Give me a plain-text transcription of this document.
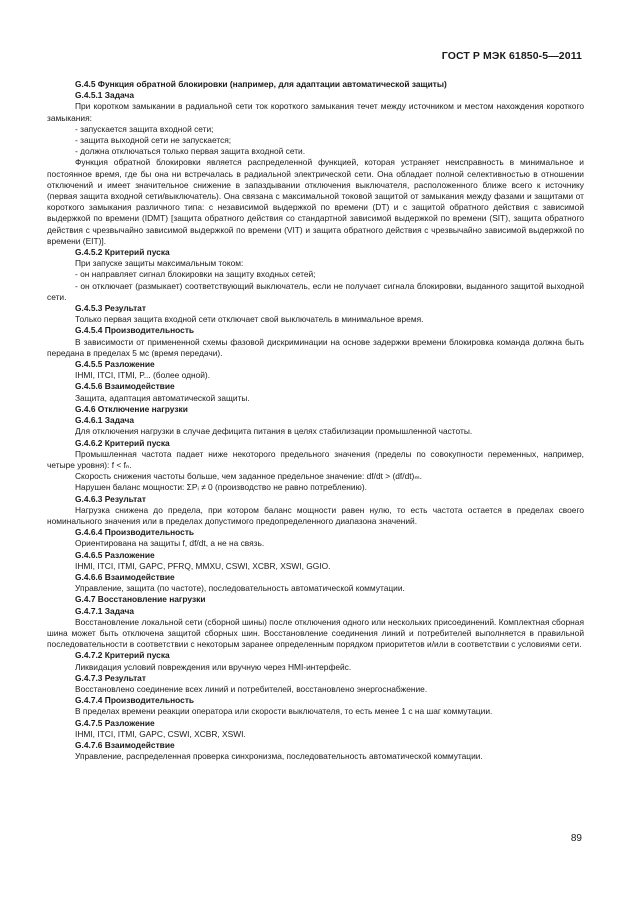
ГОСТ Р МЭК 61850-5—2011

G.4.5 Функция обратной блокировки (например, для адаптации автоматической защиты)

G.4.5.1 Задача

При коротком замыкании в радиальной сети ток короткого замыкания течет между источником и местом нахождения короткого замыкания:

- запускается защита входной сети;

- защита выходной сети не запускается;

- должна отключаться только первая защита входной сети.

Функция обратной блокировки является распределенной функцией, которая устраняет неисправность в минимальное и постоянное время, где бы она ни встречалась в радиальной электрической сети. Она обладает полной селективностью в отношении отключений и имеет значительное снижение в запаздывании отключения выключателя, расположенного ближе всего к источнику (первая защита входной сети/выключатель). Она связана с максимальной токовой защитой от замыкания между фазами и защитами от короткого замыкания различного типа: с независимой выдержкой по времени (DT) и с защитой обратного действия с зависимой выдержкой по времени (IDMT) [защита обратного действия со стандартной зависимой выдержкой по времени (SIT), защита обратного действия с чрезвычайно зависимой выдержкой по времени (VIT) и защита обратного действия с чрезвычайно зависимой выдержкой по времени (EIT)].

G.4.5.2 Критерий пуска

При запуске защиты максимальным током:

- он направляет сигнал блокировки на защиту входных сетей;

- он отключает (размыкает) соответствующий выключатель, если не получает сигнала блокировки, выданного защитой выходной сети.

G.4.5.3 Результат

Только первая защита входной сети отключает свой выключатель в минимальное время.

G.4.5.4 Производительность

В зависимости от примененной схемы фазовой дискриминации на основе задержки времени блокировка команда должна быть передана в пределах 5 мс (время передачи).

G.4.5.5 Разложение

IHMI, ITCI, ITMI, P... (более одной).

G.4.5.6 Взаимодействие

Защита, адаптация автоматической защиты.

G.4.6 Отключение нагрузки

G.4.6.1 Задача

Для отключения нагрузки в случае дефицита питания в целях стабилизации промышленной частоты.

G.4.6.2 Критерий пуска

Промышленная частота падает ниже некоторого предельного значения (пределы по совокупности переменных, например, четыре уровня): f < fₙ.

Скорость снижения частоты больше, чем заданное предельное значение: df/dt > (df/dt)ₘ.

Нарушен баланс мощности: ΣPᵢ ≠ 0 (производство не равно потреблению).

G.4.6.3 Результат

Нагрузка снижена до предела, при котором баланс мощности равен нулю, то есть частота остается в пределах своего номинального значения или в пределах допустимого предопределенного диапазона значений.

G.4.6.4 Производительность

Ориентирована на защиты f, df/dt, а не на связь.

G.4.6.5 Разложение

IHMI, ITCI, ITMI, GAPC, PFRQ, MMXU, CSWI, XCBR, XSWI, GGIO.

G.4.6.6 Взаимодействие

Управление, защита (по частоте), последовательность автоматической коммутации.

G.4.7 Восстановление нагрузки

G.4.7.1 Задача

Восстановление локальной сети (сборной шины) после отключения одного или нескольких присоединений. Комплектная сборная шина может быть отключена защитой сборных шин. Восстановление соединения линий и потребителей выполняется в правильной последовательности в соответствии с некоторым заранее определенным порядком приоритетов и/или в соответствии с условиями сети.

G.4.7.2 Критерий пуска

Ликвидация условий повреждения или вручную через HMI-интерфейс.

G.4.7.3 Результат

Восстановлено соединение всех линий и потребителей, восстановлено энергоснабжение.

G.4.7.4 Производительность

В пределах времени реакции оператора или скорости выключателя, то есть менее 1 с на шаг коммутации.

G.4.7.5 Разложение

IHMI, ITCI, ITMI, GAPC, CSWI, XCBR, XSWI.

G.4.7.6 Взаимодействие

Управление, распределенная проверка синхронизма, последовательность автоматической коммутации.

89
